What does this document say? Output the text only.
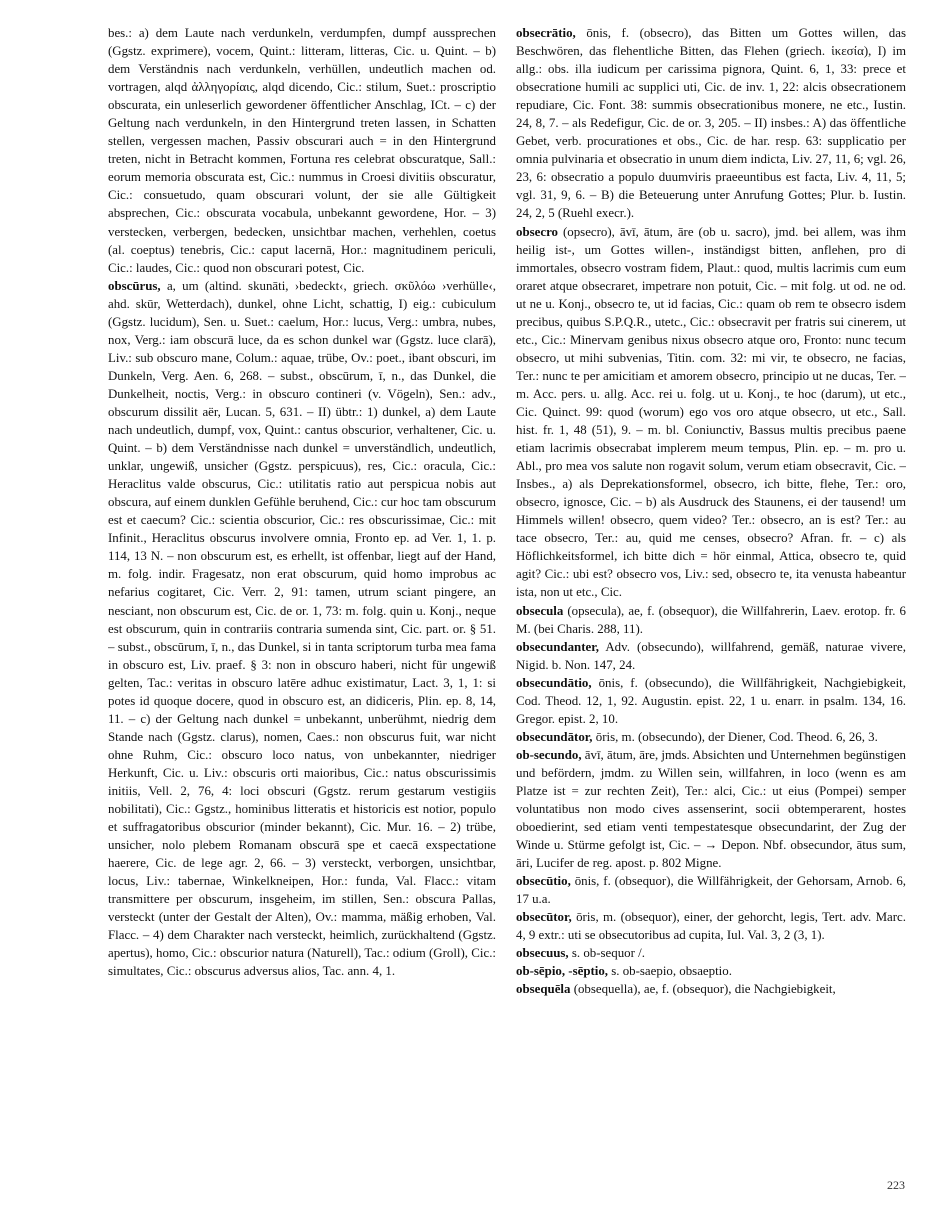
bes.: a) dem Laute nach verdunkeln, verdumpfen, dumpf aussprechen (Ggstz. exprimere), vocem, Quint.: litteram, litteras, Cic. u. Quint. – b) dem Verständnis nach verdunkeln, verhüllen, undeutlich machen od. vortragen, alqd ἀλληγορίαις, alqd dicendo, Cic.: stilum, Suet.: proscriptio obscurata, ein unleserlich gewordener öffentlicher Anschlag, ICt. – c) der Geltung nach verdunkeln, in den Hintergrund treten lassen, in Schatten stellen, vergessen machen, Passiv obscurari auch = in den Hintergrund treten, nicht in Betracht kommen, Fortuna res celebrat obscuratque, Sall.: eorum memoria obscurata est, Cic.: nummus in Croesi divitiis obscuratur, Cic.: consuetudo, quam obscurari volunt, der sie alle Gültigkeit absprechen, Cic.: obscurata vocabula, unbekannt gewordene, Hor. – 3) verstecken, verbergen, bedecken, unsichtbar machen, verhehlen, coetus (al. coeptus) tenebris, Cic.: caput lacernā, Hor.: magnitudinem periculi, Cic.: laudes, Cic.: quod non obscurari potest, Cic.

obscūrus, a, um (altind. skunāti, ›bedeckt‹, griech. σκῦλόω ›verhülle‹, ahd. skūr, Wetterdach), dunkel, ohne Licht, schattig, I) eig.: cubiculum (Ggstz. lucidum), Sen. u. Suet.: caelum, Hor.: lucus, Verg.: umbra, nubes, nox, Verg.: iam obscurā luce, da es schon dunkel war (Ggstz. luce clarā), Liv.: sub obscuro mane, Colum.: aquae, trübe, Ov.: poet., ibant obscuri, im Dunkeln, Verg. Aen. 6, 268. – subst., obscūrum, ī, n., das Dunkel, die Dunkelheit, noctis, Verg.: in obscuro contineri (v. Vögeln), Sen.: adv., obscurum dissilit aër, Lucan. 5, 631. – II) übtr.: 1) dunkel, a) dem Laute nach undeutlich, dumpf, vox, Quint.: cantus obscurior, verhaltener, Cic. u. Quint. – b) dem Verständnisse nach dunkel = unverständlich, undeutlich, unklar, ungewiß, unsicher (Ggstz. perspicuus), res, Cic.: oracula, Cic.: Heraclitus valde obscurus, Cic.: utilitatis ratio aut perspicua nobis aut obscura, auf einem dunklen Gefühle beruhend, Cic.: cur hoc tam obscurum est et caecum? Cic.: scientia obscurior, Cic.: res obscurissimae, Cic.: mit Infinit., Heraclitus obscurus involvere omnia, Fronto ep. ad Ver. 1, 1. p. 114, 13 N. – non obscurum est, es erhellt, ist offenbar, liegt auf der Hand, m. folg. indir. Fragesatz, non erat obscurum, quid homo improbus ac nefarius cogitaret, Cic. Verr. 2, 91: tamen, utrum sciant pingere, an nesciant, non obscurum est, Cic. de or. 1, 73: m. folg. quin u. Konj., neque est obscurum, quin in contrariis contraria sumenda sint, Cic. part. or. § 51. – subst., obscūrum, ī, n., das Dunkel, si in tanta scriptorum turba mea fama in obscuro est, Liv. praef. § 3: non in obscuro haberi, nicht für ungewiß gelten, Tac.: veritas in obscuro latēre adhuc existimatur, Lact. 3, 1, 1: si potes id quoque docere, quod in obscuro est, an didiceris, Plin. ep. 8, 14, 11. – c) der Geltung nach dunkel = unbekannt, unberühmt, niedrig dem Stande nach (Ggstz. clarus), nomen, Caes.: non obscurus fuit, war nicht ohne Ruhm, Cic.: obscuro loco natus, von unbekannter, niedriger Herkunft, Cic. u. Liv.: obscuris orti maioribus, Cic.: natus obscurissimis initiis, Vell. 2, 76, 4: loci obscuri (Ggstz. rerum gestarum vestigiis nobilitati), Cic.: Ggstz., hominibus litteratis et historicis est notior, populo et suffragatoribus obscurior (minder bekannt), Cic. Mur. 16. – 2) trübe, unsicher, nolo plebem Romanam obscurā spe et caecā exspectatione haerere, Cic. de lege agr. 2, 66. – 3) versteckt, verborgen, unsichtbar, locus, Liv.: tabernae, Winkelkneipen, Hor.: funda, Val. Flacc.: vitam transmittere per obscurum, insgeheim, im stillen, Sen.: obscura Pallas, versteckt (unter der Gestalt der Alten), Ov.: mamma, mäßig erhoben, Val. Flacc. – 4) dem Charakter nach versteckt, heimlich, zurückhaltend (Ggstz. apertus), homo, Cic.: obscurior natura (Naturell), Tac.: odium (Groll), Cic.: simultates, Cic.: obscurus adversus alios, Tac. ann. 4, 1.

obsecrātio, ōnis, f. (obsecro), das Bitten um Gottes willen, das Beschwören, das flehentliche Bitten, das Flehen (griech. ἱκεσία), I) im allg.: obs. illa iudicum per carissima pignora, Quint. 6, 1, 33: prece et obsecratione humili ac supplici uti, Cic. de inv. 1, 22: alcis obsecrationem repudiare, Cic. Font. 38: summis obsecrationibus monere, ne etc., Iustin. 24, 8, 7. – als Redefigur, Cic. de or. 3, 205. – II) insbes.: A) das öffentliche Gebet, verb. procurationes et obs., Cic. de har. resp. 63: supplicatio per omnia pulvinaria et obsecratio in unum diem indicta, Liv. 27, 11, 6; vgl. 26, 23, 6: obsecratio a populo duumviris praeeuntibus est facta, Liv. 4, 11, 5; vgl. 31, 9, 6. – B) die Beteuerung unter Anrufung Gottes; Plur. b. Iustin. 24, 2, 5 (Ruehl execr.).

obsecro (opsecro), āvī, ātum, āre (ob u. sacro), jmd. bei allem, was ihm heilig ist-, um Gottes willen-, inständigst bitten, anflehen, pro di immortales, obsecro vostram fidem, Plaut.: quod, multis lacrimis cum eum oraret atque obsecraret, impetrare non potuit, Cic. – mit folg. ut od. ne od. ut ne u. Konj., obsecro te, ut id facias, Cic.: quam ob rem te obsecro isdem precibus, quibus S.P.Q.R., utetc., Cic.: obsecravit per fratris sui cinerem, ut etc., Cic.: Minervam genibus nixus obsecro atque oro, Fronto: nunc tecum obsecro, ut mihi subvenias, Titin. com. 32: mi vir, te obsecro, ne facias, Ter.: nunc te per amicitiam et amorem obsecro, principio ut ne ducas, Ter. – m. Acc. pers. u. allg. Acc. rei u. folg. ut u. Konj., te hoc (darum), ut etc., Cic. Quinct. 99: quod (worum) ego vos oro atque obsecro, ut etc., Sall. hist. fr. 1, 48 (51), 9. – m. bl. Coniunctiv, Bassus multis precibus paene etiam lacrimis obsecrabat implerem meum tempus, Plin. ep. – m. pro u. Abl., pro mea vos salute non rogavit solum, verum etiam obsecravit, Cic. – Insbes., a) als Deprekationsformel, obsecro, ich bitte, flehe, Ter.: oro, obsecro, ignosce, Cic. – b) als Ausdruck des Staunens, ei der tausend! um Himmels willen! obsecro, quem video? Ter.: obsecro, an is est? Ter.: au tace obsecro, Ter.: au, quid me censes, obsecro? Afran. fr. – c) als Höflichkeitsformel, ich bitte dich = hör einmal, Attica, obsecro te, quid agit? Cic.: ubi est? obsecro vos, Liv.: sed, obsecro te, ita venusta habeantur ista, non ut etc., Cic.

obsecula (opsecula), ae, f. (obsequor), die Willfahrerin, Laev. erotop. fr. 6 M. (bei Charis. 288, 11).

obsecundanter, Adv. (obsecundo), willfahrend, gemäß, naturae vivere, Nigid. b. Non. 147, 24.

obsecundātio, ōnis, f. (obsecundo), die Willfährigkeit, Nachgiebigkeit, Cod. Theod. 12, 1, 92. Augustin. epist. 22, 1 u. enarr. in psalm. 134, 16. Gregor. epist. 2, 10.

obsecundātor, ōris, m. (obsecundo), der Diener, Cod. Theod. 6, 26, 3.

ob-secundo, āvī, ātum, āre, jmds. Absichten und Unternehmen begünstigen und befördern, jmdm. zu Willen sein, willfahren, in loco (wenn es am Platze ist = zur rechten Zeit), Ter.: alci, Cic.: ut eius (Pompei) semper voluntatibus non modo cives assenserint, socii obtemperarent, hostes oboedierint, sed etiam venti tempestatesque obsecundarint, der Zug der Winde u. Stürme gefolgt ist, Cic. – → Depon. Nbf. obsecundor, ātus sum, āri, Lucifer de reg. apost. p. 802 Migne.

obsecūtio, ōnis, f. (obsequor), die Willfährigkeit, der Gehorsam, Arnob. 6, 17 u.a.

obsecūtor, ōris, m. (obsequor), einer, der gehorcht, legis, Tert. adv. Marc. 4, 9 extr.: uti se obsecutoribus ad cupita, Iul. Val. 3, 2 (3, 1).

obsecuus, s. ob-sequor /.

ob-sēpio, -sēptio, s. ob-saepio, obsaeptio.

obsequēla (obsequella), ae, f. (obsequor), die Nachgiebigkeit,

223
